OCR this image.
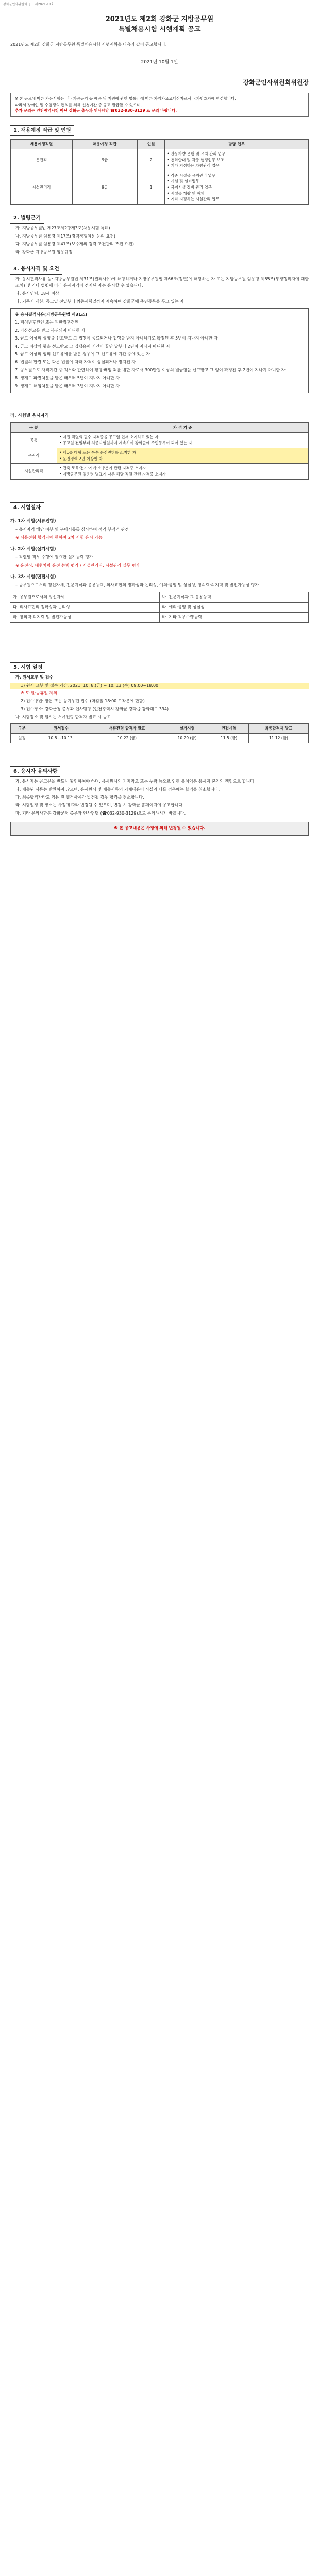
강화군인사위원회 공고 제2021-18호
2021년도 제2회 강화군 지방공무원
특별채용시험 시행계획 공고

2021년도 제2회 강화군 지방공무원 특별채용시험 시행계획을 다음과 같이 공고합니다.

2021년 10월 1일
강화군인사위원회위원장

※ 본 공고에 따른 자용시험은 「국가공공기 등 예공 및 지원에 관한 법률」에 따른 차임자료료대상자로서 국가방호자에 한정합니다.

따라서 장애인 및 수험생의 편의를 위해 신청기간 중 공고 발급할 수 있으며,

추가 문의는 인천광역시청 아닌 강화군 총무과 인사담당 ☎032-930-3129 로 문의 바랍니다.

1. 채용예정 직급 및 인원
채용예정직렬	채용예정 직급	인원	담당 업무
운전직	9급	2	• 관용차량 운행 및 유지 관리 업무
• 천화안내 및 각종 행정업무 보조
• 기타 지정하는 차량관리 업무
시설관리직	9급	1	• 각종 시설물 유지관리 업무
• 시설 및 설비업무
• 복지시설 장비 관리 업무
• 시설물 개량 및 해체
• 기타 지정하는 시설관리 업무
2. 법령근거

가. 지방공무원법 제27조제2항제3호(채용시험 특례)

나. 지방공무원 임용령 제17조(경력경쟁임용 등의 요건)

다. 지방공무원 임용령 제41조(보수제의 경력·조건관리 조건 요건)

라. 강화군 지방공무원 임용규정

3. 응시자격 및 요건

가. 응시결격사유 등: 지방공무원법 제31조(결격사유)에 해당하거나 지방공무원법 제66조(정년)에 해당하는 자 또는 지방공무원 임용령 제65조(부정행위자에 대한 조치) 및 기타 법령에 따라 응시자격이 정지된 자는 응시할 수 없습니다.

나. 응시연령: 18세 이상

다. 거주지 제한: 공고일 전일부터 최종시험일까지 계속하여 강화군에 주민등록을 두고 있는 자

※ 응시결격사유(지방공무원법 제31조)

1. 피성년후견인 또는 피한정후견인

2. 파산선고를 받고 복권되지 아니한 자

3. 금고 이상의 실형을 선고받고 그 집행이 종료되거나 집행을 받지 아니하기로 확정된 후 5년이 지나지 아니한 자

4. 금고 이상의 형을 선고받고 그 집행유예 기간이 끝난 날부터 2년이 지나지 아니한 자

5. 금고 이상의 형의 선고유예를 받은 경우에 그 선고유예 기간 중에 있는 자

6. 법원의 판결 또는 다른 법률에 따라 자격이 상실되거나 정지된 자

7. 공무원으로 재직기간 중 직무와 관련하여 횡령·배임 죄를 범한 자로서 300만원 이상의 벌금형을 선고받고 그 형이 확정된 후 2년이 지나지 아니한 자

8. 징계로 파면처분을 받은 때부터 5년이 지나지 아니한 자

9. 징계로 해임처분을 받은 때부터 3년이 지나지 아니한 자

라. 시험별 응시자격

구 분	자 격 기 준
공통	• 지원 직렬의 필수 자격증을 공고일 현재 소지하고 있는 자
• 공고일 전일부터 최종시험일까지 계속하여 강화군에 주민등록이 되어 있는 자
운전직	• 제1종 대형 또는 특수 운전면허를 소지한 자
• 운전경력 2년 이상인 자
시설관리직	• 건축·토목·전기·기계·소방분야 관련 자격증 소지자
• 지방공무원 임용령 별표에 따른 해당 직렬 관련 자격증 소지자
4. 시험절차

가. 1차 시험(서류전형)

– 응시자격 해당 여부 및 구비서류를 심사하여 적격·부적격 판정

※ 서류전형 합격자에 한하여 2차 시험 응시 가능

나. 2차 시험(실기시험)

– 직렬별 직무 수행에 필요한 실기능력 평가

※ 운전직: 대형차량 운전 능력 평가 / 시설관리직: 시설관리 실무 평가

다. 3차 시험(면접시험)

– 공무원으로서의 정신자세, 전문지식과 응용능력, 의사표현의 정확성과 논리성, 예의·품행 및 성실성, 창의력·의지력 및 발전가능성 평가

가. 공무원으로서의 정신자세	나. 전문지식과 그 응용능력
다. 의사표현의 정확성과 논리성	라. 예의·품행 및 성실성
마. 창의력·의지력 및 발전가능성	바. 기타 직무수행능력
5. 시험 일정

가. 원서교부 및 접수

1) 원서 교부 및 접수 기간: 2021. 10. 8.(금) ~ 10. 13.(수) 09:00~18:00

※ 토·일·공휴일 제외

2) 접수방법: 방문 또는 등기우편 접수 (마감일 18:00 도착분에 한함)

3) 접수장소: 강화군청 총무과 인사담당 (인천광역시 강화군 강화읍 강화대로 394)

나. 시험장소 및 일시는 서류전형 합격자 발표 시 공고

구분	원서접수	서류전형 합격자 발표	실기시험	면접시험	최종합격자 발표
일정	10.8.~10.13.	10.22.(금)	10.29.(금)	11.5.(금)	11.12.(금)
6. 응시자 유의사항

가. 응시자는 공고문을 반드시 확인하여야 하며, 응시원서의 기재착오 또는 누락 등으로 인한 불이익은 응시자 본인의 책임으로 합니다.

나. 제출된 서류는 반환하지 않으며, 응시원서 및 제출서류의 기재내용이 사실과 다를 경우에는 합격을 취소합니다.

다. 최종합격자라도 임용 전 결격사유가 발견될 경우 합격을 취소합니다.

라. 시험일정 및 장소는 사정에 따라 변경될 수 있으며, 변경 시 강화군 홈페이지에 공고합니다.

마. 기타 문의사항은 강화군청 총무과 인사담당 (☎032-930-3129)으로 문의하시기 바랍니다.

※ 본 공고내용은 사정에 의해 변경될 수 있습니다.
